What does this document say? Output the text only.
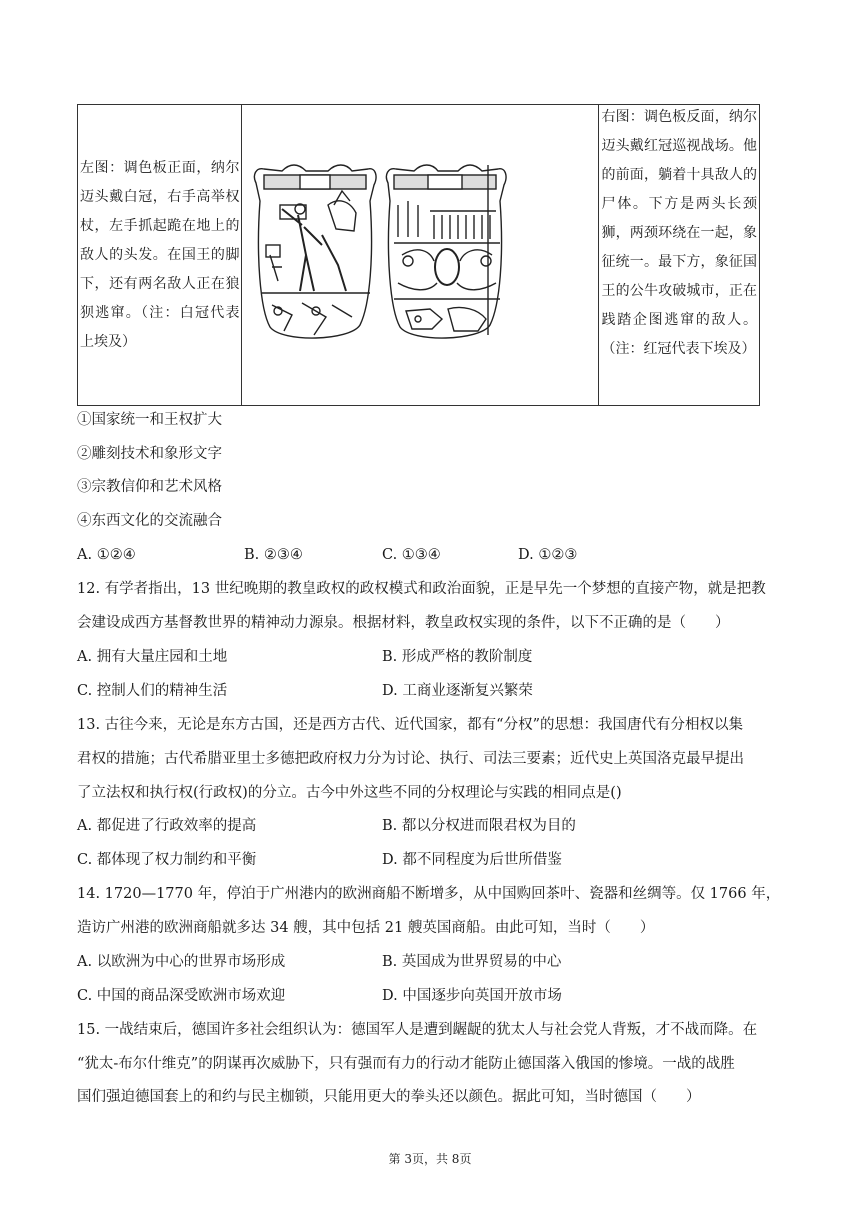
左图：调色板正面，纳尔迈头戴白冠，右手高举权杖，左手抓起跪在地上的敌人的头发。在国王的脚下，还有两名敌人正在狼狈逃窜。（注：白冠代表上埃及）

右图：调色板反面，纳尔迈头戴红冠巡视战场。他的前面，躺着十具敌人的尸体。下方是两头长颈狮，两颈环绕在一起，象征统一。最下方，象征国王的公牛攻破城市，正在践踏企图逃窜的敌人。（注：红冠代表下埃及）
①国家统一和王权扩大
②雕刻技术和象形文字
③宗教信仰和艺术风格
④东西文化的交流融合
A. ①②④	B. ②③④	C. ①③④	D. ①②③
12. 有学者指出，13 世纪晚期的教皇政权的政权模式和政治面貌，正是早先一个梦想的直接产物，就是把教
会建设成西方基督教世界的精神动力源泉。根据材料，教皇政权实现的条件，以下不正确的是（　　）
A. 拥有大量庄园和土地	B. 形成严格的教阶制度
C. 控制人们的精神生活	D. 工商业逐渐复兴繁荣
13. 古往今来，无论是东方古国，还是西方古代、近代国家，都有“分权”的思想：我国唐代有分相权以集
君权的措施；古代希腊亚里士多德把政府权力分为讨论、执行、司法三要素；近代史上英国洛克最早提出
了立法权和执行权(行政权)的分立。古今中外这些不同的分权理论与实践的相同点是()
A. 都促进了行政效率的提高	B. 都以分权进而限君权为目的
C. 都体现了权力制约和平衡	D. 都不同程度为后世所借鉴
14. 1720—1770 年，停泊于广州港内的欧洲商船不断增多，从中国购回茶叶、瓷器和丝绸等。仅 1766 年，
造访广州港的欧洲商船就多达 34 艘，其中包括 21 艘英国商船。由此可知，当时（　　）
A. 以欧洲为中心的世界市场形成	B. 英国成为世界贸易的中心
C. 中国的商品深受欧洲市场欢迎	D. 中国逐步向英国开放市场
15. 一战结束后，德国许多社会组织认为：德国军人是遭到龌龊的犹太人与社会党人背叛，才不战而降。在
“犹太-布尔什维克”的阴谋再次威胁下，只有强而有力的行动才能防止德国落入俄国的惨境。一战的战胜
国们强迫德国套上的和约与民主枷锁，只能用更大的拳头还以颜色。据此可知，当时德国（　　）
第 3页，共 8页
